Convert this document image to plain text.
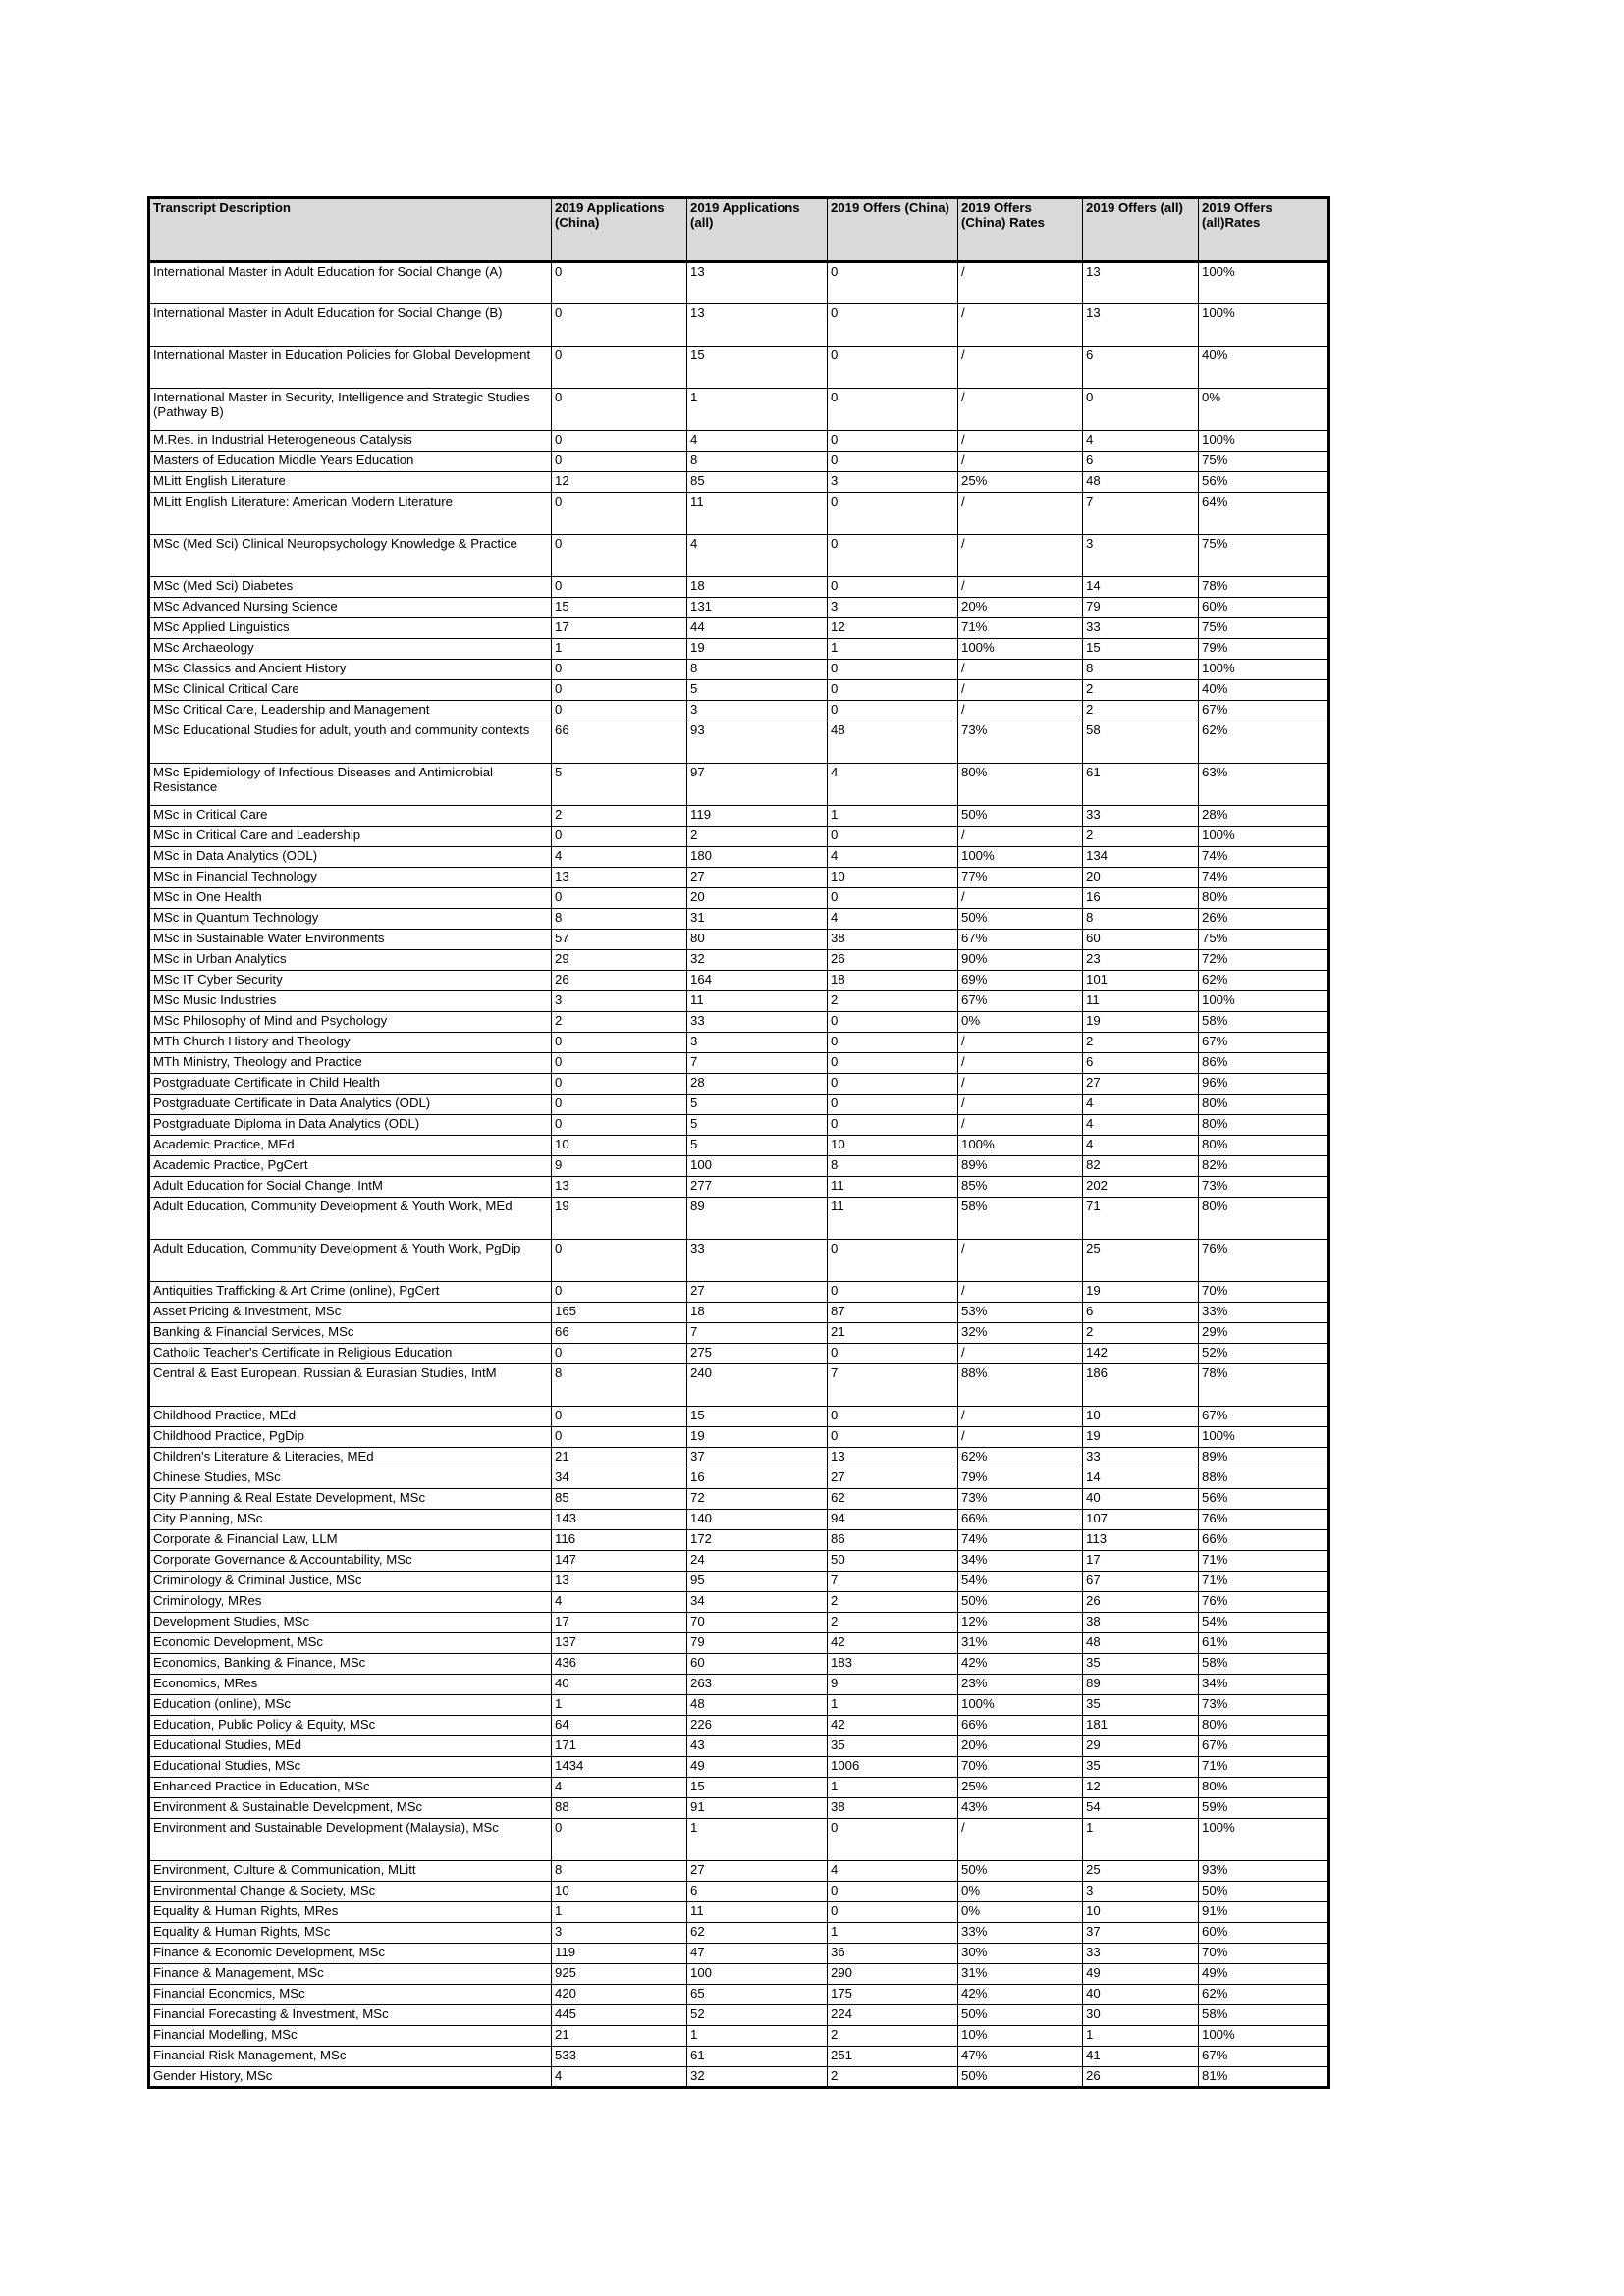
Transcript Description	2019 Applications (China)	2019 Applications (all)	2019 Offers (China)	2019 Offers (China) Rates	2019 Offers (all)	2019 Offers (all)Rates
International Master in Adult Education for Social Change (A)	0	13	0	/	13	100%
International Master in Adult Education for Social Change (B)	0	13	0	/	13	100%
International Master in Education Policies for Global Development	0	15	0	/	6	40%
International Master in Security, Intelligence and Strategic Studies (Pathway B)	0	1	0	/	0	0%
M.Res. in Industrial Heterogeneous Catalysis	0	4	0	/	4	100%
Masters of Education Middle Years Education	0	8	0	/	6	75%
MLitt English Literature	12	85	3	25%	48	56%
MLitt English Literature: American Modern Literature	0	11	0	/	7	64%
MSc (Med Sci) Clinical Neuropsychology Knowledge & Practice	0	4	0	/	3	75%
MSc (Med Sci) Diabetes	0	18	0	/	14	78%
MSc Advanced Nursing Science	15	131	3	20%	79	60%
MSc Applied Linguistics	17	44	12	71%	33	75%
MSc Archaeology	1	19	1	100%	15	79%
MSc Classics and Ancient History	0	8	0	/	8	100%
MSc Clinical Critical Care	0	5	0	/	2	40%
MSc Critical Care, Leadership and Management	0	3	0	/	2	67%
MSc Educational Studies for adult, youth and community contexts	66	93	48	73%	58	62%
MSc Epidemiology of Infectious Diseases and Antimicrobial Resistance	5	97	4	80%	61	63%
MSc in Critical Care	2	119	1	50%	33	28%
MSc in Critical Care and Leadership	0	2	0	/	2	100%
MSc in Data Analytics (ODL)	4	180	4	100%	134	74%
MSc in Financial Technology	13	27	10	77%	20	74%
MSc in One Health	0	20	0	/	16	80%
MSc in Quantum Technology	8	31	4	50%	8	26%
MSc in Sustainable Water Environments	57	80	38	67%	60	75%
MSc in Urban Analytics	29	32	26	90%	23	72%
MSc IT Cyber Security	26	164	18	69%	101	62%
MSc Music Industries	3	11	2	67%	11	100%
MSc Philosophy of Mind and Psychology	2	33	0	0%	19	58%
MTh Church History and Theology	0	3	0	/	2	67%
MTh Ministry, Theology and Practice	0	7	0	/	6	86%
Postgraduate Certificate in Child Health	0	28	0	/	27	96%
Postgraduate Certificate in Data Analytics (ODL)	0	5	0	/	4	80%
Postgraduate Diploma in Data Analytics (ODL)	0	5	0	/	4	80%
Academic Practice, MEd	10	5	10	100%	4	80%
Academic Practice, PgCert	9	100	8	89%	82	82%
Adult Education for Social Change, IntM	13	277	11	85%	202	73%
Adult Education, Community Development & Youth Work, MEd	19	89	11	58%	71	80%
Adult Education, Community Development & Youth Work, PgDip	0	33	0	/	25	76%
Antiquities Trafficking & Art Crime (online), PgCert	0	27	0	/	19	70%
Asset Pricing & Investment, MSc	165	18	87	53%	6	33%
Banking & Financial Services, MSc	66	7	21	32%	2	29%
Catholic Teacher's Certificate in Religious Education	0	275	0	/	142	52%
Central & East European, Russian & Eurasian Studies, IntM	8	240	7	88%	186	78%
Childhood Practice, MEd	0	15	0	/	10	67%
Childhood Practice, PgDip	0	19	0	/	19	100%
Children's Literature & Literacies, MEd	21	37	13	62%	33	89%
Chinese Studies, MSc	34	16	27	79%	14	88%
City Planning & Real Estate Development, MSc	85	72	62	73%	40	56%
City Planning, MSc	143	140	94	66%	107	76%
Corporate & Financial Law, LLM	116	172	86	74%	113	66%
Corporate Governance & Accountability, MSc	147	24	50	34%	17	71%
Criminology & Criminal Justice, MSc	13	95	7	54%	67	71%
Criminology, MRes	4	34	2	50%	26	76%
Development Studies, MSc	17	70	2	12%	38	54%
Economic Development, MSc	137	79	42	31%	48	61%
Economics, Banking & Finance, MSc	436	60	183	42%	35	58%
Economics, MRes	40	263	9	23%	89	34%
Education (online), MSc	1	48	1	100%	35	73%
Education, Public Policy & Equity, MSc	64	226	42	66%	181	80%
Educational Studies, MEd	171	43	35	20%	29	67%
Educational Studies, MSc	1434	49	1006	70%	35	71%
Enhanced Practice in Education, MSc	4	15	1	25%	12	80%
Environment & Sustainable Development, MSc	88	91	38	43%	54	59%
Environment and Sustainable Development (Malaysia), MSc	0	1	0	/	1	100%
Environment, Culture & Communication, MLitt	8	27	4	50%	25	93%
Environmental Change & Society, MSc	10	6	0	0%	3	50%
Equality & Human Rights, MRes	1	11	0	0%	10	91%
Equality & Human Rights, MSc	3	62	1	33%	37	60%
Finance & Economic Development, MSc	119	47	36	30%	33	70%
Finance & Management, MSc	925	100	290	31%	49	49%
Financial Economics, MSc	420	65	175	42%	40	62%
Financial Forecasting & Investment, MSc	445	52	224	50%	30	58%
Financial Modelling, MSc	21	1	2	10%	1	100%
Financial Risk Management, MSc	533	61	251	47%	41	67%
Gender History, MSc	4	32	2	50%	26	81%
